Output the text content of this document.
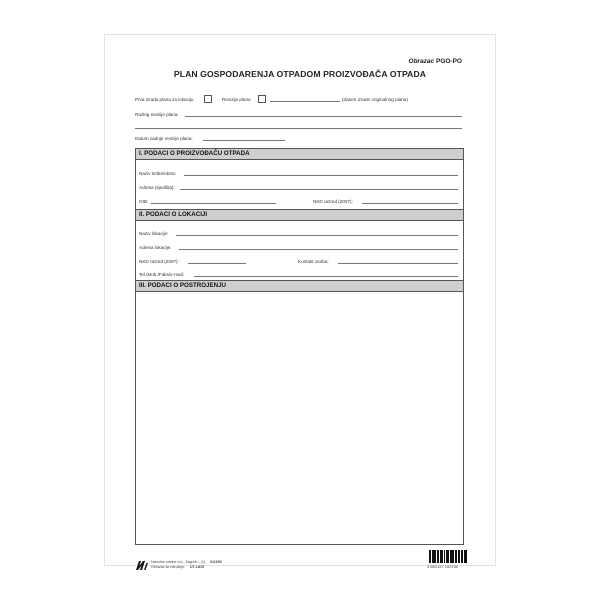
Obrazac PGO-PO
PLAN GOSPODARENJA OTPADOM PROIZVOĐAČA OTPADA
Prva izrada plana za lokaciju	Revizija plana	(datum izrade originalnog plana)
Razlog revizije plana:
Datum zadnje revizije plana:
I. PODACI O PROIZVOĐAČU OTPADA
Naziv tvrtke/obrta:
Adresa (sjedišta):
OIB:	NKD razred (2007):
II. PODACI O LOKACIJI
Naziv lokacije:
Adresa lokacije:
NKD razred (2007):	Kontakt osoba:
Tel./Mob./Faks/e-mail:
III. PODACI O POSTROJENJU
Narodne novine d.d., Zagreb – (1)
Obrazac se naručuje: UT-I-819
011650
3 850157 152190
